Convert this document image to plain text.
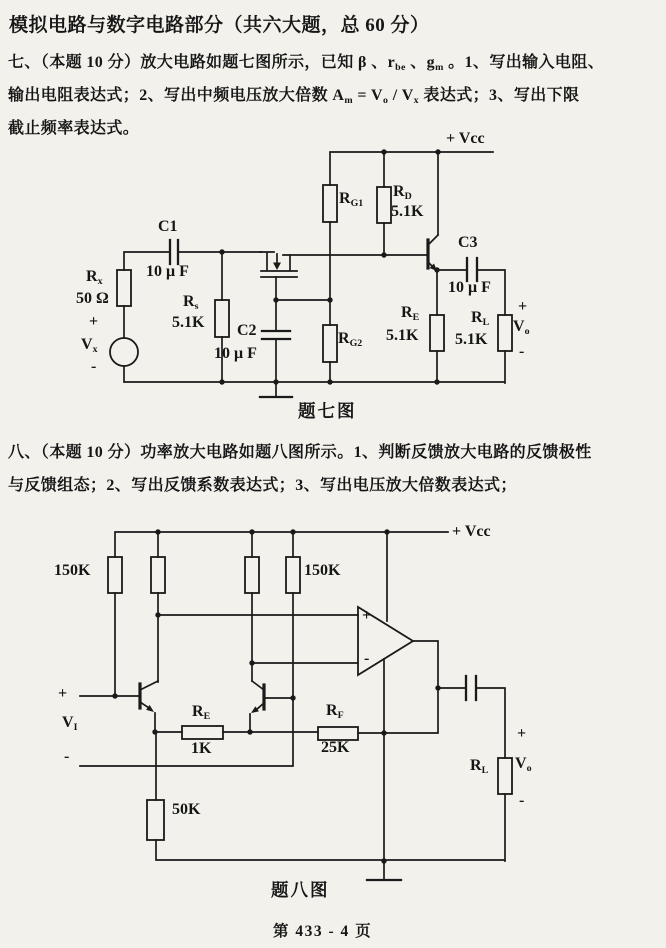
模拟电路与数字电路部分（共六大题，总 60 分）
七、（本题 10 分）放大电路如题七图所示，已知 β 、$r_{be}$ 、$g_m$ 。1、写出输入电阻、
输出电阻表达式；2、写出中频电压放大倍数 $A_m = V_o / V_x$ 表达式；3、写出下限
截止频率表达式。
八、（本题 10 分）功率放大电路如题八图所示。1、判断反馈放大电路的反馈极性
与反馈组态；2、写出反馈系数表达式；3、写出电压放大倍数表达式；
+ Vcc
C1
10 μ F
$R_x$
50 Ω
+
$V_x$
-
$R_s$
5.1K C2
10 μ F
$R_{G1}$
$R_D$
5.1K
$R_{G2}$
C3
10 μ F
$R_E$
5.1K
$R_L$
5.1K
+
$V_o$
-
+ Vcc
150K	150K
+
-
+
$V_I$
-
$R_E$
1K
$R_F$
25K
50K
$R_L$
+
$V_o$
-
题七图
题八图
第 433 - 4 页
